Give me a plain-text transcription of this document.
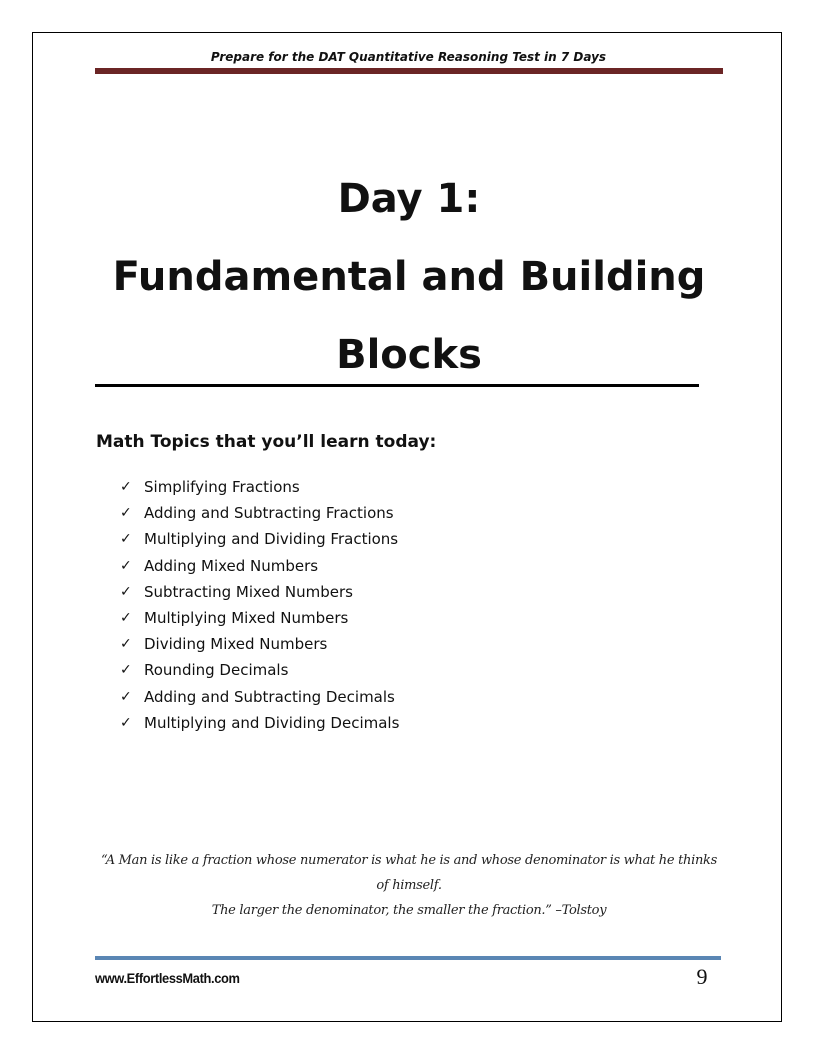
Prepare for the DAT Quantitative Reasoning Test in 7 Days
Day 1:
Fundamental and Building
Blocks
Math Topics that you’ll learn today:
✓ Simplifying Fractions
✓ Adding and Subtracting Fractions
✓ Multiplying and Dividing Fractions
✓ Adding Mixed Numbers
✓ Subtracting Mixed Numbers
✓ Multiplying Mixed Numbers
✓ Dividing Mixed Numbers
✓ Rounding Decimals
✓ Adding and Subtracting Decimals
✓ Multiplying and Dividing Decimals
“A Man is like a fraction whose numerator is what he is and whose denominator is what he thinks of himself.
The larger the denominator, the smaller the fraction.” –Tolstoy
www.EffortlessMath.com	9
